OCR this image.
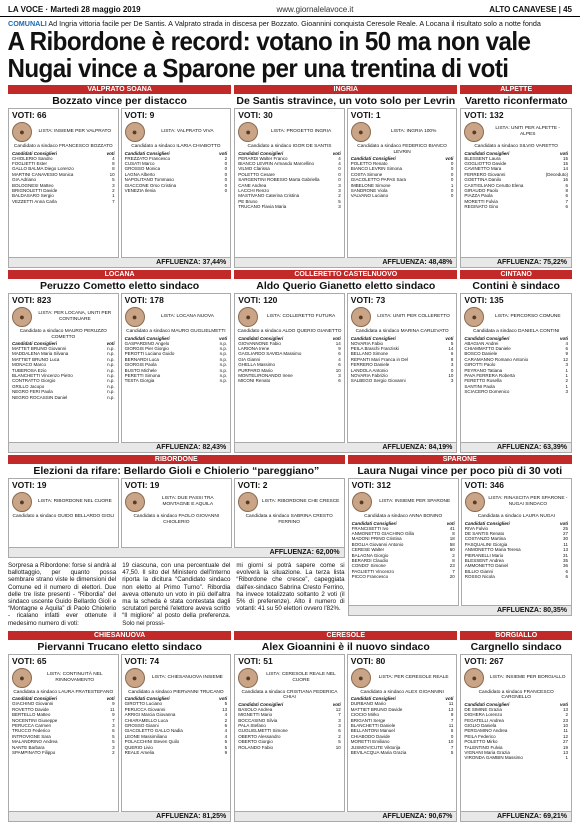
LA VOCE · Martedì 28 maggio 2019	www.giornalelavoce.it	ALTO CANAVESE | 45
COMUNALI Ad Ingria vittoria facile per De Santis. A Valprato strada in discesa per Bozzato. Gioannini conquista Ceresole Reale. A Locana il risultato solo a notte fonda
A Ribordone è record: votano in 50 ma non vale
Nugai vince a Sparone per una trentina di voti
VALPRATO SOANA
Bozzato vince per distacco
VOTI: 66
●	LISTA: INSIEME PER VALPRATO
Candidato a sindaco FRANCESCO BOZZATO
Candidati Consiglieri	voti
CHIOLERIO Sandro	4
FOGLIETTI Ester	8
GALLO BALMA Diego Lorenzo	8
MARTINI CANAVESIO Monica	10
GIA Adriano	5
BOLOGNESI Matteo	3
BRIGNOLETTI Davide	2
BALDASARO Sergio	1
VEZZETTI Anna Carla	7
VOTI: 9
●	LISTA: VALPRATO VIVA
Candidato a sindaco ILARIA CHIABOTTO
Candidati Consiglieri	voti
FREZZATO Francesco	2
CUSATI Marco	0
GROSSO Monica	0
LAGNA Alberto	0
NAPOLITANO Tommaso	0
GIACCONE Orso Cristina	0
VENEZIA Ilenia	0
AFFLUENZA: 37,44%
INGRIA
De Santis stravince, un voto solo per Levrin
VOTI: 30
●	LISTA: PROGETTO INGRIA
Candidato a sindaco IGOR DE SANTIS
Candidati Consiglieri	voti
PERARDI Walter Franco	4
BIANCO LEVRIN Armando Marcellino	4
VILMO Clarissa	0
POLETTO Cesare	0
SARGENTINI ROBESIO Marta Gabriella	0
CANE Andrea	3
LACCHI Renzo	3
MASTIVANO Caterina Cristina	2
PE Bruno	5
TRUCANO Flavia Maria	3
VOTI: 1
●	LISTA: INGRIA 100%
Candidato a sindaco FEDERICO BIANCO LEVRIN
Candidati Consiglieri	voti
POLETTO Renato	0
BIANCO LEVRIN Simona	0
COSTA Simone	0
GIACOLETTO PAPAS Sara	0
IMBELONE Simone	1
SANDRONE Viola	0
VALVANO Luciano	0
AFFLUENZA: 48,48%
ALPETTE
Varetto riconfermato
VOTI: 132
●	LISTA: UNITI PER ALPETTE - ALPES
Candidato a sindaco SILVIO VARETTO
Candidati Consiglieri	voti
BLESSENT Laura	15
GOGLIOTTO Davide	15
CAVINETTO Mara	14
FERRERO Giovanni	(Deceduto)
GOETTINA Danilo	16
CASTIGLIANO Cerutto Elena	6
GIRAUDO Paolo	8
PIAZZA Paola	6
MORETTI Fulvia	7
REGINATO Gino	6
AFFLUENZA: 75,22%
LOCANA
Peruzzo Cometto eletto sindaco
VOTI: 823
●	LISTA: PER LOCANA, UNITI PER CONTINUARE
Candidato a sindaco MAURO PERUZZO COMETTO
Candidati Consiglieri	voti
MATTET BRUNO Giovanni	n.p.
MADDALENA Maria Silvana	n.p.
MATTIET BRUNO Luca	n.p.
MONACO Marco	n.p.
TUBEROSA Ezio	n.p.
BLANCHETTI Vincenzo Pietro	n.p.
CONTRATTO Giorgio	n.p.
GRILLO Jacopo	n.p.
NEGRO FERI Paola	n.p.
NEGRO ROCASSIN Daniel	n.p.
VOTI: 178
●	LISTA: LOCANA NUOVA
Candidato a sindaco MAURO GUGLIELMETTI
Candidati Consiglieri	voti
GASPARDINO Angelo	n.p.
GIORGIS Pier Giorgio	n.p.
PEROTTI Luciano Guido	n.p.
BERNARDI Luca	n.p.
GIORGIS Paola	n.p.
BUSTO Michele	n.p.
PERETTI Simona	n.p.
TESTA Giorgia	n.p.
AFFLUENZA: 82,43%
COLLERETTO CASTELNUOVO
Aldo Querio Gianetto eletto sindaco
VOTI: 120
●	LISTA: COLLERETTO FUTURA
Candidato a sindaco ALDO QUERIO GIANETTO
Candidati Consiglieri	voti
GIOVANNONE Fabio	14
LARIONA Irene	9
GAGLIARDO SAVIDA Massimo	6
GIA Gianni	4
GHELLA Massimo	6
PURPARO Mario	10
MONTELIRONANDO Irene	3
MICONI Renato	6
VOTI: 73
●	LISTA: UNITI PER COLLERETTO
Candidata a sindaco MARINA CARLEVATO
Candidati Consiglieri	voti
NOVARIA Fabio	5
PEILA Braschi Franziski	14
BELLANO Simone	6
REPANTI Mari Franca in Del	8
FERRERO Daniele	3
LANDOLA Antonio	0
NOVARIA Fabrizio	10
SALBEGO Sergio Giovanni	3
AFFLUENZA: 84,19%
CINTANO
Contini è sindaco
VOTI: 135
●	LISTA: PERCORSO COMUNE
Candidata a sindaco DANIELA CONTINI
Candidati Consiglieri	voti
ABAGIAN Andrei	4
CHIAMMATTO Daniele	6
BOSCO Daniele	9
CARAMANNO Romano Antonio	12
GIROTTI Paolo	3
PEYRANO Tatiana	1
PAVA FERRERA Roberta	1
FERETTO Rosella	2
SANTINI Paola	1
SCIACERO Domenico	3
AFFLUENZA: 63,39%
RIBORDONE
Elezioni da rifare: Bellardo Gioli e Chiolerio “pareggiano”
VOTI: 19
●	LISTA: RIBORDONE NEL CUORE
Candidato a sindaco GUIDO BELLARDO GIOLI
VOTI: 19
●	LISTA: DUE PASSI TRA MONTAGNE E AQUILA
Candidato a sindaco PAOLO GIOVANNI CHIOLERIO
VOTI: 2
●	LISTA: RIBORDONE CHE CRESCE
Candidata a sindaco SABRINA CRESTO FERRINO
AFFLUENZA: 62,00%
Sorpresa a Ribordone: forse si andrà al ballottaggio, per quanto possa sembrare strano viste le dimensioni del Comune ed il numero di elettori. Due delle tre liste presenti - “Ribordia” del sindaco uscente Guido Bellardo Gioli e “Montagne e Aquila” di Paolo Chiolerio - ricalano infatti ever ottenute il medesimo numero di voti:
19 ciascuna, con una percentuale del 47,50. Il sito del Ministero dell'Interno riporta la dicitura “Candidato sindaco non eletto al Primo Turno”. Ribordia aveva ottenuto un voto in più dell'altra ma la scheda è stata contestata dagli scrutatori perché l'elettore aveva scritto “Il migliore” al posto della preferenza. Solo nei prossi-
mi giorni si potrà sapere come si evolverà la situazione. La terza lista “Ribordone che cresce”, capeggiata dall'ex-sindaco Sabrina Cresto Ferrino, ha invece totalizzato soltanto 2 voti (il 5% di preferenze). Alto il numero di votanti: 41 su 50 elettori ovvero l'82%.
SPARONE
Laura Nugai vince per poco più di 30 voti
VOTI: 312
●	LISTA: INSIEME PER SPARONE
Candidata a sindaco ANNA BONINO
Candidati Consiglieri	voti
FRANCISETTI Ivo	41
ANMONETTO GIACHINO Gilla	8
MADONI PRINO Cristina	18
BOGLIA Giovanni Antonio	58
CERESE Walter	60
BALAGNA Giorgio	2
BERARDI Claudio	8
CONDO' Simone	23
PAGLIETTI Vincenzo	7
PICCO Francesco	20
VOTI: 346
●	LISTA: RINASCITA PER SPARONE - NUGAI SINDACO
Candidata a sindaco LAURA NUGAI
Candidati Consiglieri	voti
RIVA Fulvio	25
DE SANTIS Renato	27
COSTANZO Martina	30
PASQUALINI Giorgia	11
ANMONETTO Maria Teresa	13
PIERANELLI Mario	31
BLESSENT Andrea	35
AMMONETTO Daniel	36
BILLIO Gianni	6
ROSSO Nicola	6
AFFLUENZA: 80,35%
CHIESANUOVA
Piervanni Trucano eletto sindaco
VOTI: 65
●	LISTA: CONTINUITÀ NEL RINNOVAMENTO
Candidata a sindaco LAURA FRATESTEFANO
Candidati Consiglieri	voti
GIACHINO Giovanni	9
ROVETTO Davide	11
BERTELLO Matteo	9
NOCENTINI Giuseppe	7
PERUCCA Carmen	3
TRUCCO Federico	6
INTROVIGNE Sara	5
MALANDRINO Andrea	5
NANTE Barbara	3
SPAMPINATO Filippo	2
VOTI: 74
●	LISTA: CHIESANUOVA INSIEME
Candidato a sindaco PIERVANNI TRUCANO
Candidati Consiglieri	voti
GIROTTO Luciano	5
PERUCCA Giovanni	13
ARRIGI Marcia Giovanna	4
CHIARAMELLO Luca	2
GROSSO Gianni	6
GIACOLETTO GALLO Nadia	4
LEONE Massimiliano	4
POLACCHINI Steven Quilo	5
QUERIO Livio	5
REALE Amelia	9
AFFLUENZA: 81,25%
CERESOLE
Alex Gioannini è il nuovo sindaco
VOTI: 51
●	LISTA: CERESOLE REALE NEL CUORE
Candidata a sindaco CRISTIANA FEDERICA CHIAI
Candidati Consiglieri	voti
BASOLO Andrea	12
MIGNETTI Mario	7
BOCCASINO Silvia	3
PALA Stefano	3
GUGLIELMETTI Simone	6
OBERTO Alessandro	2
OBERTO Giorgio	5
ROLANDO Fabio	10
VOTI: 80
●	LISTA: PER CERESOLE REALE
Candidato a sindaco ALEX GIOANNINI
Candidati Consiglieri	voti
DURBANO Mario	11
MATTIET BRUNO Davide	13
CIOCIO Mirko	9
BRIGANTI Serge	7
BLANCHETTI Daniele	11
BELLANTONI Manuel	5
CHIABODO Davide	0
MORETTI Emiliano	10
JUSMOVICUTE Viktorija	7
BEVILACQUA Maria Grazia	5
AFFLUENZA: 90,67%
BORGIALLO
Cargnello sindaco
VOTI: 267
●	LISTA: INSIEME PER BORGIALLO
Candidato a sindaco FRANCESCO CARGNELLO
Candidati Consiglieri	voti
DE SIMINE Grazia	13
DIGHERA Lorenzo	2
FEGATELLI Andrea	23
GIGLIO Daniela	10
PERGAMINO Andrea	11
PEILA Federico	12
POLETTO Mirko	27
TALENTINO Fulvia	19
VIGNANI Maria Grazia	13
VIRONDA GAMBIN Massimo	1
AFFLUENZA: 69,21%
